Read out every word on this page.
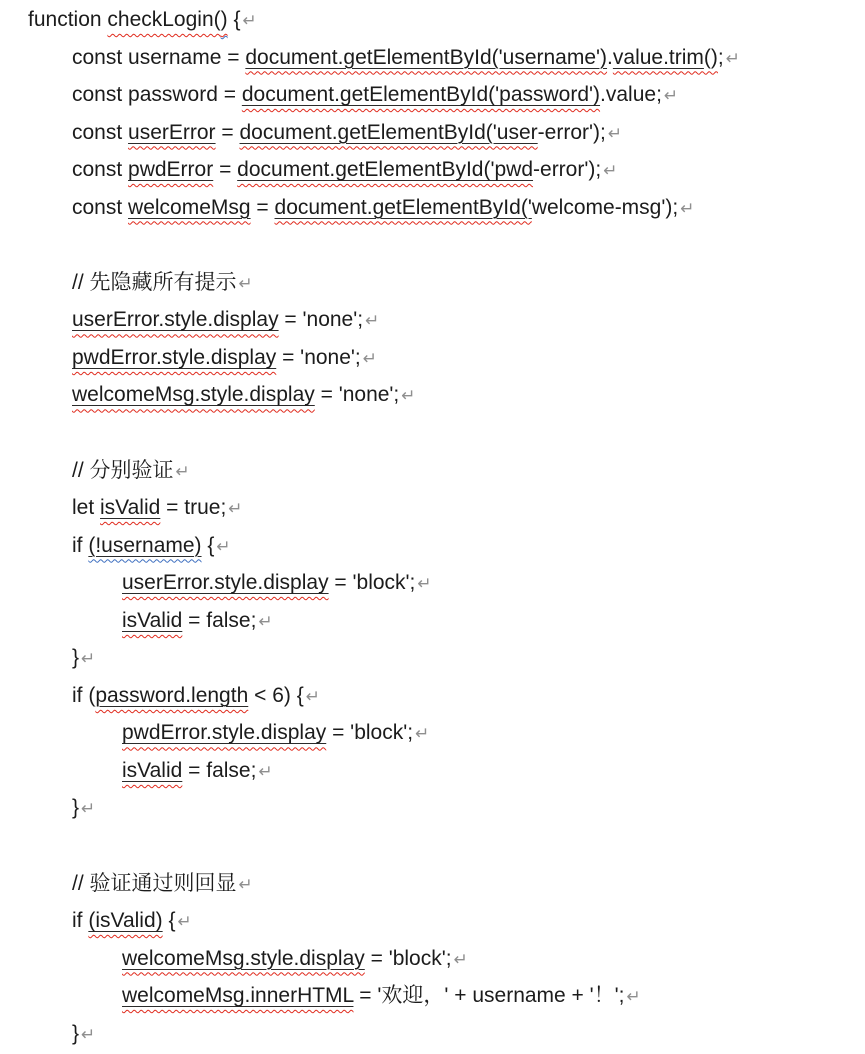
function checkLogin() { ↵
const username = document.getElementById('username').value.trim(); ↵
const password = document.getElementById('password').value; ↵
const userError = document.getElementById('user-error'); ↵
const pwdError = document.getElementById('pwd-error'); ↵
const welcomeMsg = document.getElementById('welcome-msg'); ↵
// 先隐藏所有提示 ↵
userError.style.display = 'none'; ↵
pwdError.style.display = 'none'; ↵
welcomeMsg.style.display = 'none'; ↵
// 分别验证 ↵
let isValid = true; ↵
if (!username) { ↵
userError.style.display = 'block'; ↵
isValid = false; ↵
} ↵
if (password.length < 6) { ↵
pwdError.style.display = 'block'; ↵
isValid = false; ↵
} ↵
// 验证通过则回显 ↵
if (isValid) { ↵
welcomeMsg.style.display = 'block'; ↵
welcomeMsg.innerHTML = '欢迎，' + username + '！'; ↵
} ↵
